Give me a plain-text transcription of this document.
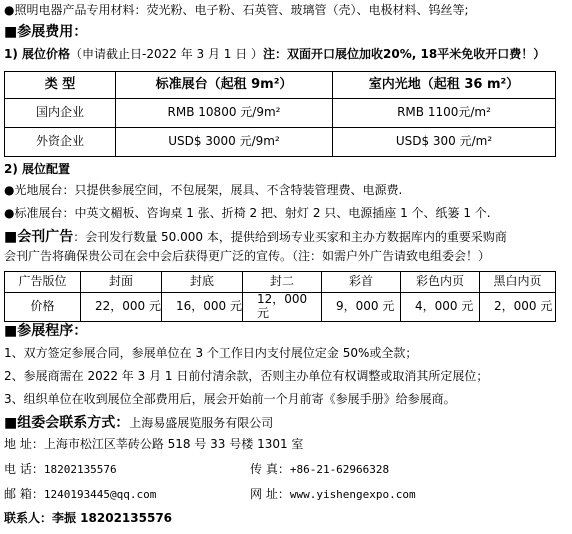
●照明电器产品专用材料：荧光粉、电子粉、石英管、玻璃管（壳）、电极材料、钨丝等;
■参展费用：
1) 展位价格（申请截止日-2022 年 3 月 1 日 ）注：双面开口展位加收20%, 18平米免收开口费！）
类 型	标准展台（起租 9m²）	室内光地（起租 36 m²）
国内企业	RMB 10800 元/9m²	RMB 1100元/m²
外资企业	USD$ 3000 元/9m²	USD$ 300 元/m²
2) 展位配置
●光地展台：只提供参展空间，不包展架，展具、不含特装管理费、电源费.
●标准展台：中英文楣板、咨询桌 1 张、折椅 2 把、射灯 2 只、电源插座 1 个、纸篓 1 个.
■会刊广告：会刊发行数量 50.000 本，提供给到场专业买家和主办方数据库内的重要采购商
会刊广告将确保贵公司在会中会后获得更广泛的宣传。（注：如需户外广告请致电组委会！）
广告版位	封面	封底	封二	彩首	彩色内页	黑白内页
价格	22，000 元	16，000 元	12，000 元	9，000 元	4，000 元	2，000 元
■参展程序：
1、双方签定参展合同，参展单位在 3 个工作日内支付展位定金 50%或全款；
2、参展商需在 2022 年 3 月 1 日前付清余款，否则主办单位有权调整或取消其所定展位；
3、组织单位在收到展位全部费用后，展会开始前一个月前寄《参展手册》给参展商。
■组委会联系方式：上海易盛展览服务有限公司
地 址：上海市松江区莘砖公路 518 号 33 号楼 1301 室
电 话：18202135576	传 真：+86-21-62966328
邮 箱：1240193445@qq.com	网 址：www.yishengexpo.com
联系人：李振 18202135576
